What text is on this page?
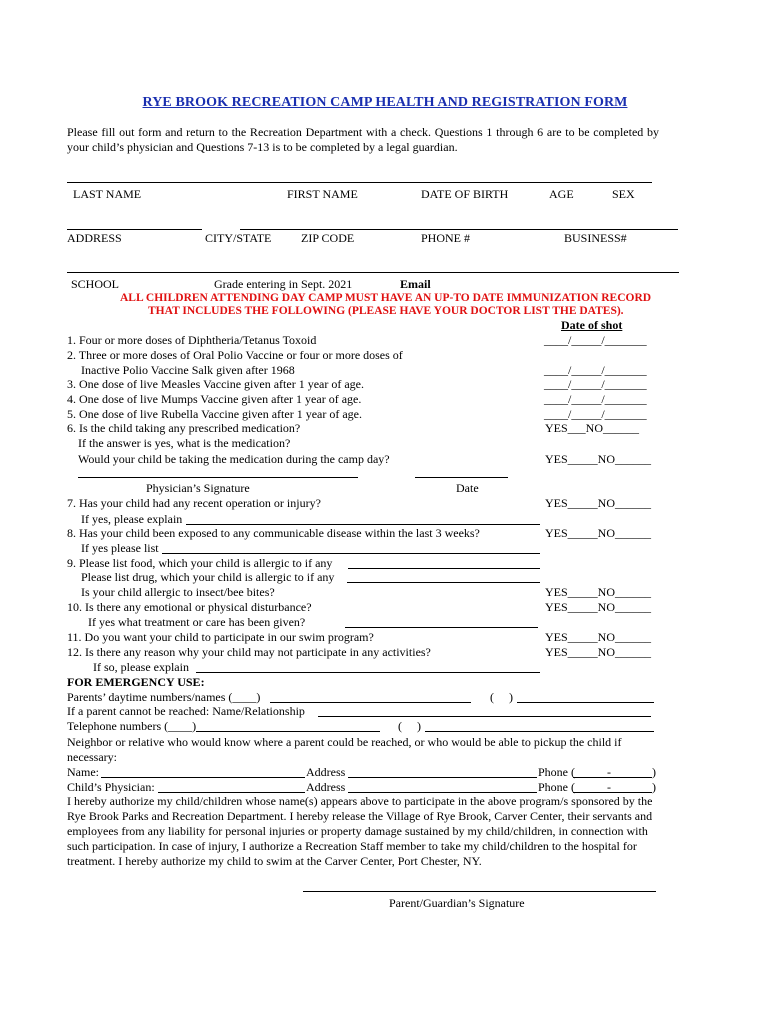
RYE BROOK RECREATION CAMP HEALTH AND REGISTRATION FORM
Please fill out form and return to the Recreation Department with a check. Questions 1 through 6 are to be completed by your child’s physician and Questions 7-13 is to be completed by a legal guardian.
LAST NAME	FIRST NAME	DATE OF BIRTH	AGE	SEX
ADDRESS	CITY/STATE ZIP CODE	PHONE #	BUSINESS#
SCHOOL	Grade entering in Sept. 2021	Email
ALL CHILDREN ATTENDING DAY CAMP MUST HAVE AN UP-TO DATE IMMUNIZATION RECORD
THAT INCLUDES THE FOLLOWING (PLEASE HAVE YOUR DOCTOR LIST THE DATES).
Date of shot
1. Four or more doses of Diphtheria/Tetanus Toxoid	____/_____/_______
2. Three or more doses of Oral Polio Vaccine or four or more doses of
Inactive Polio Vaccine Salk given after 1968	____/_____/_______
3. One dose of live Measles Vaccine given after 1 year of age.	____/_____/_______
4. One dose of live Mumps Vaccine given after 1 year of age.	____/_____/_______
5. One dose of live Rubella Vaccine given after 1 year of age.	____/_____/_______
6. Is the child taking any prescribed medication?	YES___NO______
If the answer is yes, what is the medication?
Would your child be taking the medication during the camp day?	YES_____NO______
Physician’s Signature	Date
7. Has your child had any recent operation or injury?	YES_____NO______
If yes, please explain
8. Has your child been exposed to any communicable disease within the last 3 weeks?	YES_____NO______
If yes please list
9. Please list food, which your child is allergic to if any
Please list drug, which your child is allergic to if any
Is your child allergic to insect/bee bites?	YES_____NO______
10. Is there any emotional or physical disturbance?	YES_____NO______
If yes what treatment or care has been given?
11. Do you want your child to participate in our swim program?	YES_____NO______
12. Is there any reason why your child may not participate in any activities?	YES_____NO______
If so, please explain
FOR EMERGENCY USE:
Parents’ daytime numbers/names (____)	(     )
If a parent cannot be reached: Name/Relationship
Telephone numbers (____)	(     )
Neighbor or relative who would know where a parent could be reached, or who would be able to pickup the child if
necessary:
Name:	Address	Phone (	-	)
Child’s Physician:	Address	Phone (	-	)
I hereby authorize my child/children whose name(s) appears above to participate in the above program/s sponsored by the Rye Brook Parks and Recreation Department. I hereby release the Village of Rye Brook, Carver Center, their servants and employees from any liability for personal injuries or property damage sustained by my child/children, in connection with such participation. In case of injury, I authorize a Recreation Staff member to take my child/children to the hospital for treatment. I hereby authorize my child to swim at the Carver Center, Port Chester, NY.
Parent/Guardian’s Signature
